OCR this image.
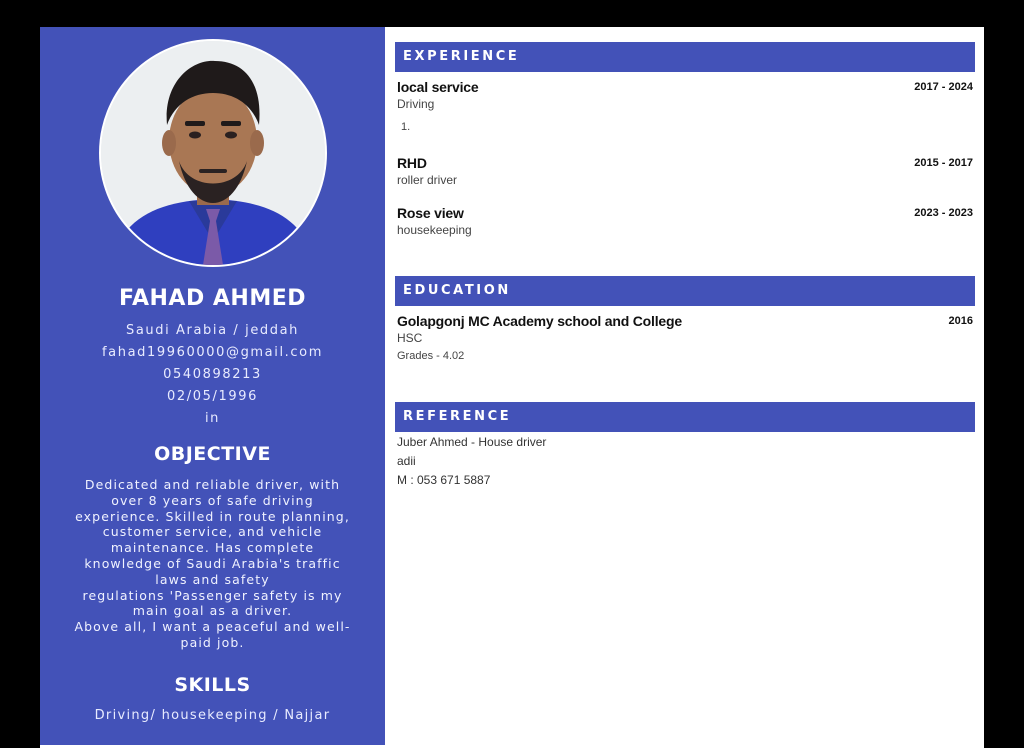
FAHAD AHMED
Saudi Arabia / jeddah
fahad19960000@gmail.com
0540898213
02/05/1996
in
OBJECTIVE
Dedicated and reliable driver, with
over 8 years of safe driving
experience. Skilled in route planning,
customer service, and vehicle
maintenance. Has complete
knowledge of Saudi Arabia's traffic
laws and safety
regulations 'Passenger safety is my
main goal as a driver.
Above all, I want a peaceful and well-
paid job.
SKILLS
Driving/ housekeeping / Najjar
EXPERIENCE
local service	2017 - 2024
Driving
1.
RHD	2015 - 2017
roller driver
Rose view	2023 - 2023
housekeeping
EDUCATION
Golapgonj MC Academy school and College	2016
HSC
Grades - 4.02
REFERENCE
Juber Ahmed - House driver
adii
M : 053 671 5887
